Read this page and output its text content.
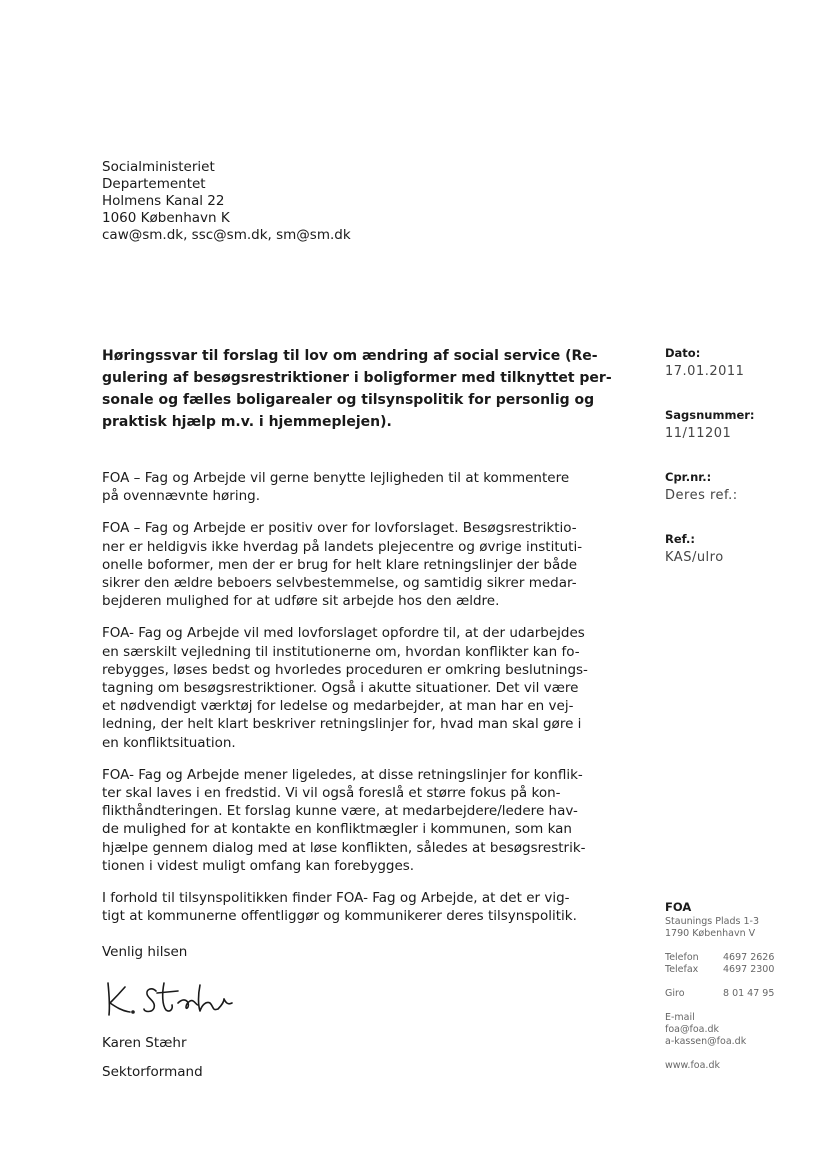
Socialministeriet
Departementet
Holmens Kanal 22
1060 København K
caw@sm.dk, ssc@sm.dk, sm@sm.dk
Høringssvar til forslag til lov om ændring af social service (Re-
gulering af besøgsrestriktioner i boligformer med tilknyttet per-
sonale og fælles boligarealer og tilsynspolitik for personlig og
praktisk hjælp m.v. i hjemmeplejen).
FOA – Fag og Arbejde vil gerne benytte lejligheden til at kommentere
på ovennævnte høring.
FOA – Fag og Arbejde er positiv over for lovforslaget. Besøgsrestriktio-
ner er heldigvis ikke hverdag på landets plejecentre og øvrige instituti-
onelle boformer, men der er brug for helt klare retningslinjer der både
sikrer den ældre beboers selvbestemmelse, og samtidig sikrer medar-
bejderen mulighed for at udføre sit arbejde hos den ældre.
FOA- Fag og Arbejde vil med lovforslaget opfordre til, at der udarbejdes
en særskilt vejledning til institutionerne om, hvordan konflikter kan fo-
rebygges, løses bedst og hvorledes proceduren er omkring beslutnings-
tagning om besøgsrestriktioner. Også i akutte situationer. Det vil være
et nødvendigt værktøj for ledelse og medarbejder, at man har en vej-
ledning, der helt klart beskriver retningslinjer for, hvad man skal gøre i
en konfliktsituation.
FOA- Fag og Arbejde mener ligeledes, at disse retningslinjer for konflik-
ter skal laves i en fredstid. Vi vil også foreslå et større fokus på kon-
flikthåndteringen. Et forslag kunne være, at medarbejdere/ledere hav-
de mulighed for at kontakte en konfliktmægler i kommunen, som kan
hjælpe gennem dialog med at løse konflikten, således at besøgsrestrik-
tionen i videst muligt omfang kan forebygges.
I forhold til tilsynspolitikken finder FOA- Fag og Arbejde, at det er vig-
tigt at kommunerne offentliggør og kommunikerer deres tilsynspolitik.
Venlig hilsen
Karen Stæhr
Sektorformand
Dato:
17.01.2011
Sagsnummer:
11/11201
Cpr.nr.:
Deres ref.:
Ref.:
KAS/ulro
FOA
Staunings Plads 1-3
1790 København V
Telefon	4697 2626
Telefax	4697 2300
Giro	8 01 47 95
E-mail
foa@foa.dk
a-kassen@foa.dk
www.foa.dk
